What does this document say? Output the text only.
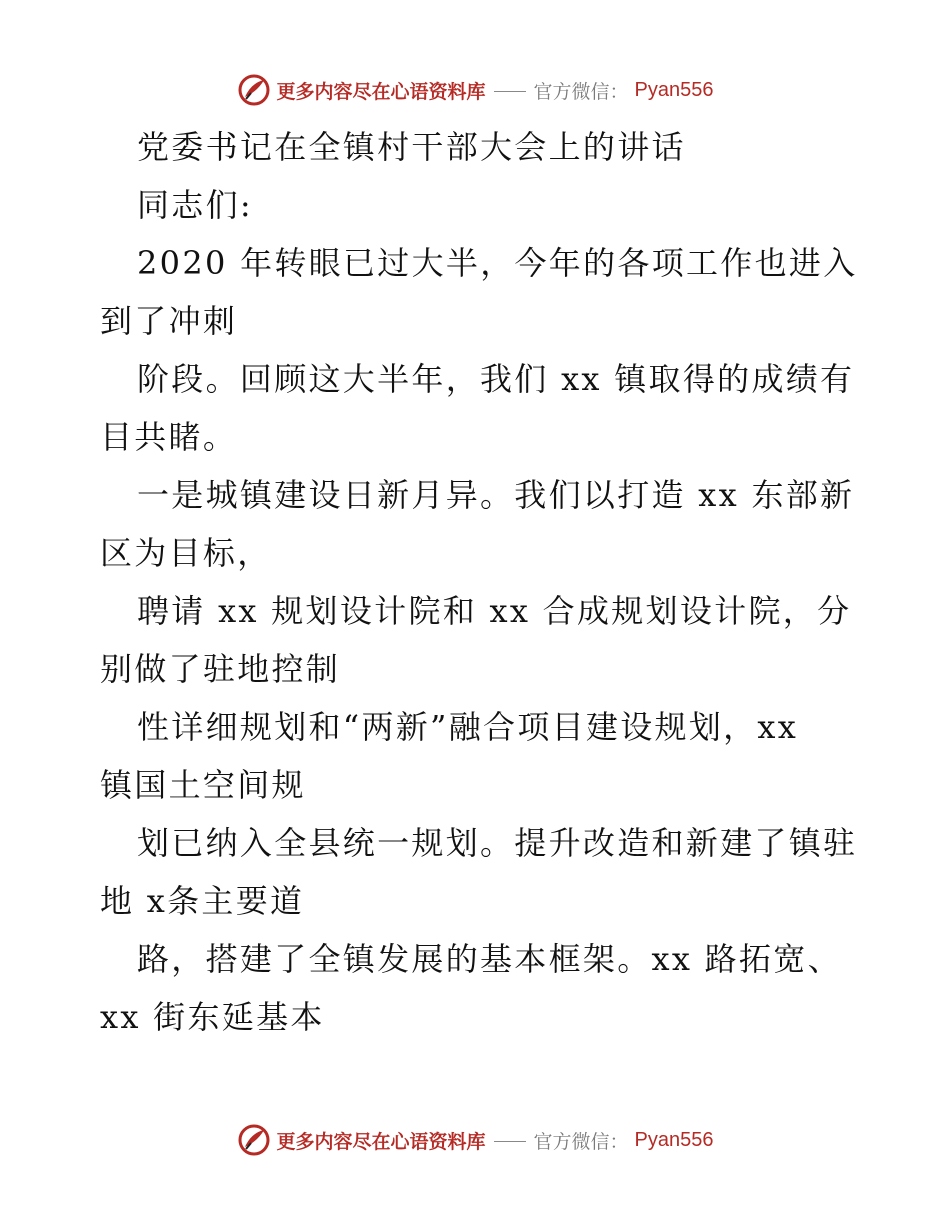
更多内容尽在心语资料库	官方微信： Pyan556
党委书记在全镇村干部大会上的讲话
同志们:
2020 年转眼已过大半，今年的各项工作也进入
到了冲刺
阶段。回顾这大半年，我们 xx 镇取得的成绩有
目共睹。
一是城镇建设日新月异。我们以打造 xx 东部新
区为目标，
聘请 xx 规划设计院和 xx 合成规划设计院，分
别做了驻地控制
性详细规划和“两新”融合项目建设规划，xx
镇国土空间规
划已纳入全县统一规划。提升改造和新建了镇驻
地 x条主要道
路，搭建了全镇发展的基本框架。xx 路拓宽、
xx 街东延基本
更多内容尽在心语资料库	官方微信： Pyan556
